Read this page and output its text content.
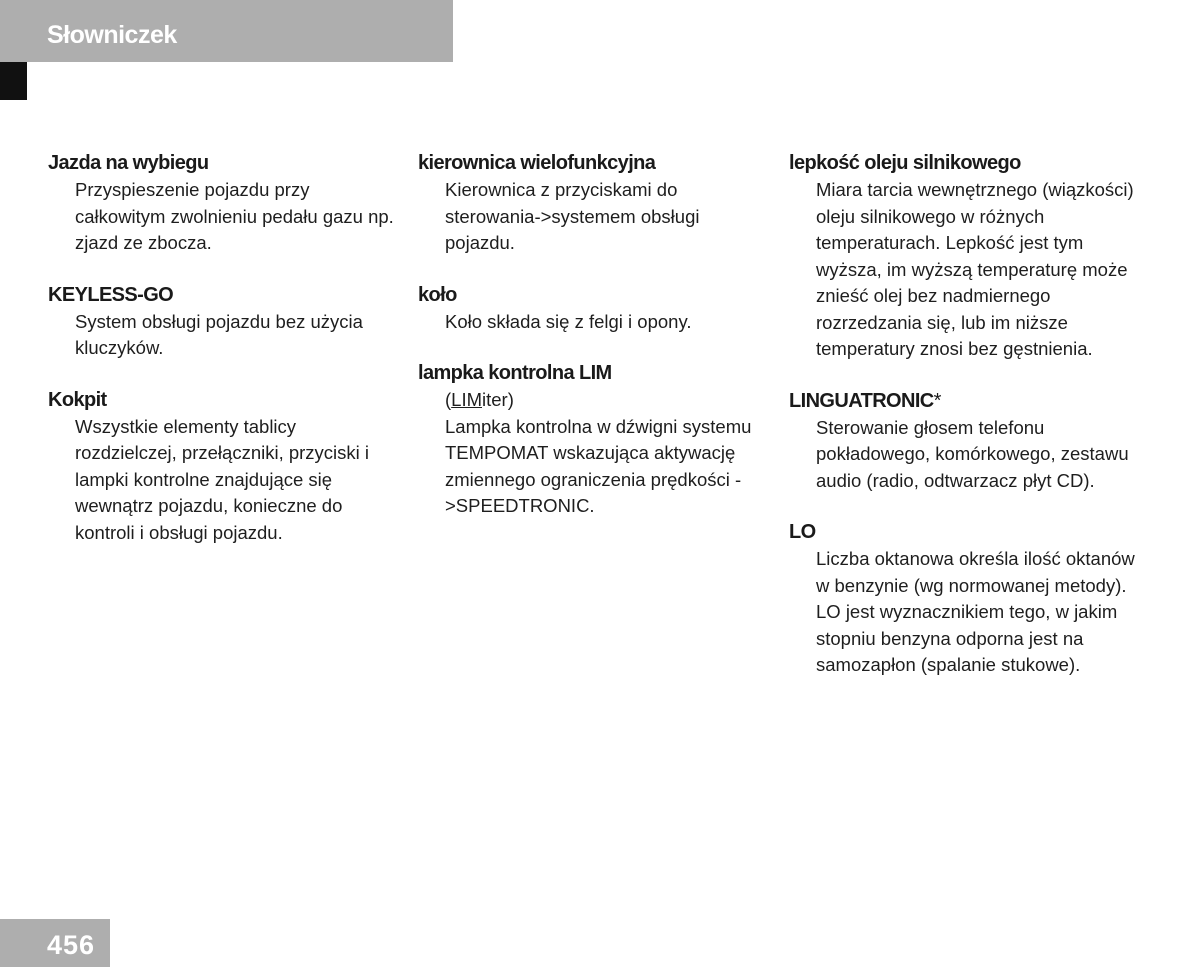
Słowniczek
Jazda na wybiegu
Przyspieszenie pojazdu przy całkowitym zwolnieniu pedału gazu np. zjazd ze zbocza.
KEYLESS-GO
System obsługi pojazdu bez użycia kluczyków.
Kokpit
Wszystkie elementy tablicy rozdzielczej, przełączniki, przyciski i lampki kontrolne znajdujące się wewnątrz pojazdu, konieczne do kontroli i obsługi pojazdu.
kierownica wielofunkcyjna
Kierownica z przyciskami do sterowania->systemem obsługi pojazdu.
koło
Koło składa się z felgi i opony.
lampka kontrolna LIM

(LIMiter)

Lampka kontrolna w dźwigni systemu TEMPOMAT wskazująca aktywację zmiennego ograniczenia prędkości ->SPEEDTRONIC.

lepkość oleju silnikowego
Miara tarcia wewnętrznego (wiązkości) oleju silnikowego w różnych temperaturach. Lepkość jest tym wyższa, im wyższą temperaturę może znieść olej bez nadmiernego rozrzedzania się, lub im niższe temperatury znosi bez gęstnienia.
LINGUATRONIC*
Sterowanie głosem telefonu pokładowego, komórkowego, zestawu audio (radio, odtwarzacz płyt CD).
LO
Liczba oktanowa określa ilość oktanów w benzynie (wg normowanej metody). LO jest wyznacznikiem tego, w jakim stopniu benzyna odporna jest na samozapłon (spalanie stukowe).
456
